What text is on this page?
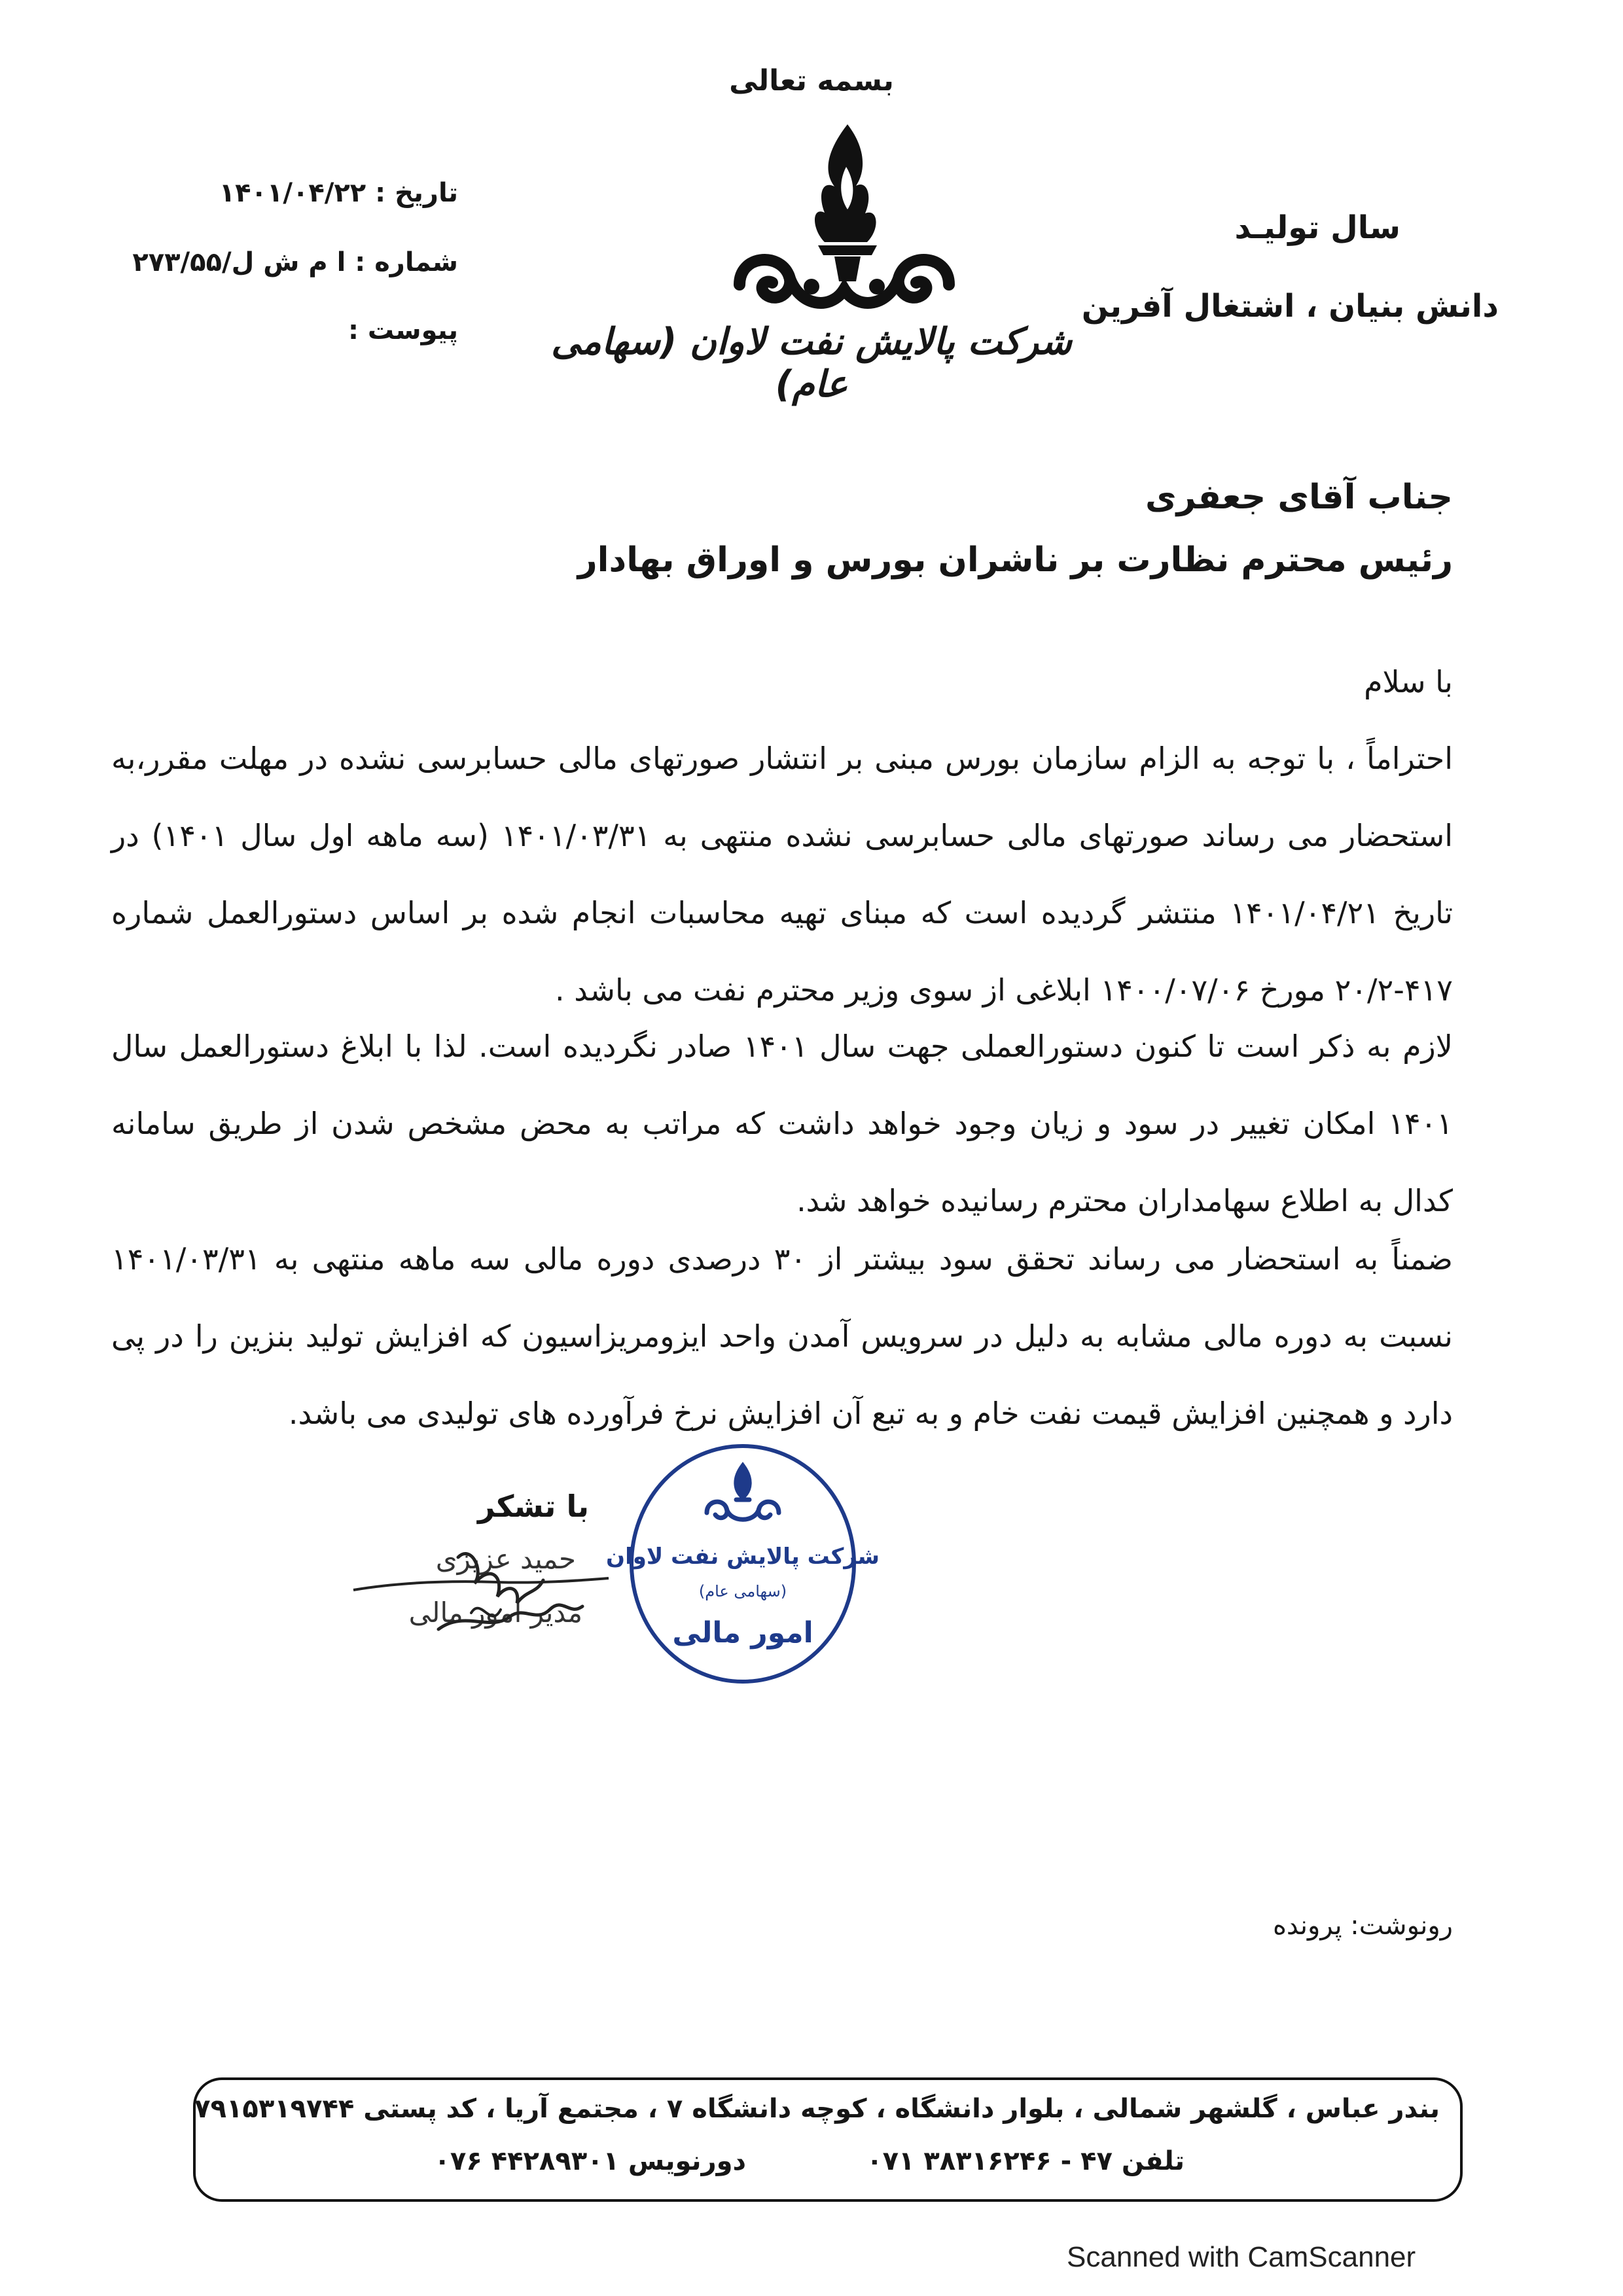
بسمه تعالی
شرکت پالایش نفت لاوان (سهامی عام)
سال تولیـد
دانش بنیان ، اشتغال آفرین
تاریخ : ۱۴۰۱/۰۴/۲۲
شماره : ا م ش ل/۲۷۳/۵۵
پیوست :
جناب آقای جعفری
رئیس محترم نظارت بر ناشران بورس و اوراق بهادار
با سلام
احتراماً ، با توجه به الزام سازمان بورس مبنی بر انتشار صورتهای مالی حسابرسی نشده در مهلت مقرر،به استحضار می رساند صورتهای مالی حسابرسی نشده منتهی به ۱۴۰۱/۰۳/۳۱ (سه ماهه اول سال ۱۴۰۱) در تاریخ ۱۴۰۱/۰۴/۲۱ منتشر گردیده است که مبنای تهیه محاسبات انجام شده بر اساس دستورالعمل شماره ۴۱۷-۲۰/۲ مورخ ۱۴۰۰/۰۷/۰۶ ابلاغی از سوی وزیر محترم نفت می باشد .
لازم به ذکر است تا کنون دستورالعملی جهت سال ۱۴۰۱ صادر نگردیده است. لذا با ابلاغ دستورالعمل سال ۱۴۰۱ امکان تغییر در سود و زیان وجود خواهد داشت که مراتب به محض مشخص شدن از طریق سامانه کدال به اطلاع سهامداران محترم رسانیده خواهد شد.
ضمناً به استحضار می رساند تحقق سود بیشتر از ۳۰ درصدی دوره مالی سه ماهه منتهی به ۱۴۰۱/۰۳/۳۱ نسبت به دوره مالی مشابه به دلیل در سرویس آمدن واحد ایزومریزاسیون که افزایش تولید بنزین را در پی دارد و همچنین افزایش قیمت نفت خام و به تبع آن افزایش نرخ فرآورده های تولیدی می باشد.
با تشکر
حمید عزیزی
مدیر امور مالی
شرکت پالایش نفت لاوان
(سهامی عام)
امور مالی
رونوشت: پرونده
بندر عباس ، گلشهر شمالی ، بلوار دانشگاه ، کوچه دانشگاه ۷ ، مجتمع آریا ، کد پستی ۷۹۱۵۳۱۹۷۴۴
تلفن ۴۷ - ۳۸۳۱۶۲۴۶ ۰۷۱
دورنویس ۴۴۲۸۹۳۰۱ ۰۷۶
Scanned with CamScanner
